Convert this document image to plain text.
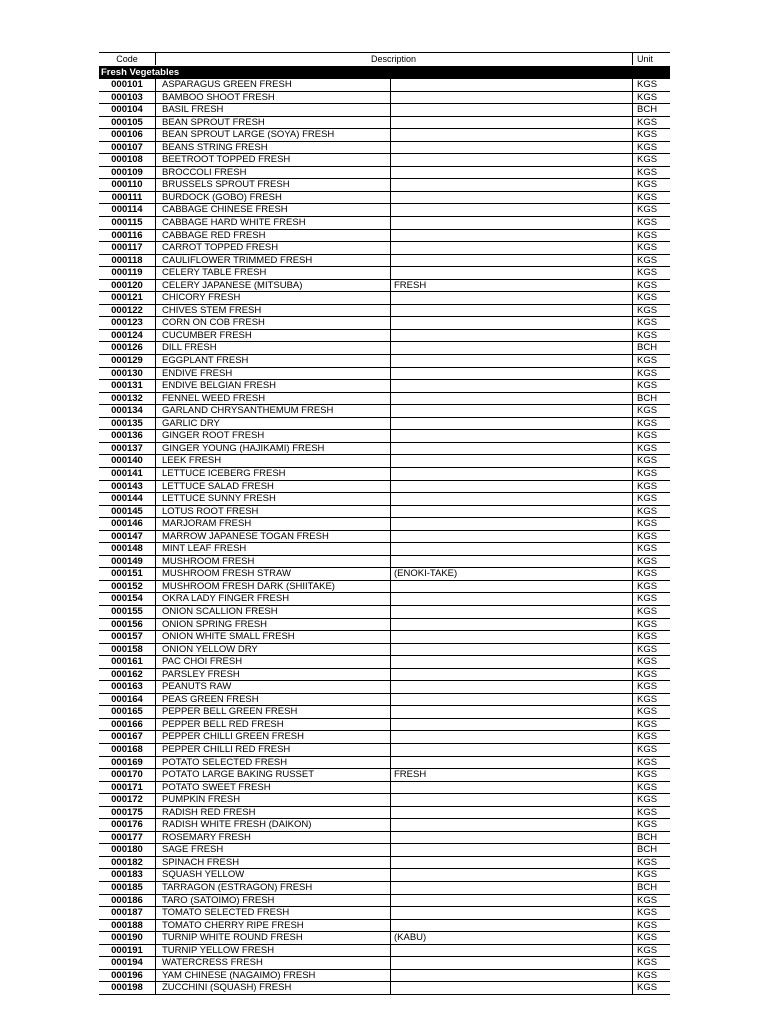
Code	Description	Unit
Fresh Vegetables
000101	ASPARAGUS GREEN FRESH	KGS
000103	BAMBOO SHOOT FRESH	KGS
000104	BASIL FRESH	BCH
000105	BEAN SPROUT FRESH	KGS
000106	BEAN SPROUT LARGE (SOYA) FRESH	KGS
000107	BEANS STRING FRESH	KGS
000108	BEETROOT TOPPED FRESH	KGS
000109	BROCCOLI FRESH	KGS
000110	BRUSSELS SPROUT FRESH	KGS
000111	BURDOCK (GOBO) FRESH	KGS
000114	CABBAGE CHINESE FRESH	KGS
000115	CABBAGE HARD WHITE FRESH	KGS
000116	CABBAGE RED FRESH	KGS
000117	CARROT TOPPED FRESH	KGS
000118	CAULIFLOWER TRIMMED FRESH	KGS
000119	CELERY TABLE FRESH	KGS
000120	CELERY JAPANESE (MITSUBA)	FRESH	KGS
000121	CHICORY FRESH	KGS
000122	CHIVES STEM FRESH	KGS
000123	CORN ON COB FRESH	KGS
000124	CUCUMBER FRESH	KGS
000126	DILL FRESH	BCH
000129	EGGPLANT FRESH	KGS
000130	ENDIVE FRESH	KGS
000131	ENDIVE BELGIAN FRESH	KGS
000132	FENNEL WEED FRESH	BCH
000134	GARLAND CHRYSANTHEMUM FRESH	KGS
000135	GARLIC DRY	KGS
000136	GINGER ROOT FRESH	KGS
000137	GINGER YOUNG (HAJIKAMI) FRESH	KGS
000140	LEEK FRESH	KGS
000141	LETTUCE ICEBERG FRESH	KGS
000143	LETTUCE SALAD FRESH	KGS
000144	LETTUCE SUNNY FRESH	KGS
000145	LOTUS ROOT FRESH	KGS
000146	MARJORAM FRESH	KGS
000147	MARROW JAPANESE TOGAN FRESH	KGS
000148	MINT LEAF FRESH	KGS
000149	MUSHROOM FRESH	KGS
000151	MUSHROOM FRESH STRAW	(ENOKI-TAKE)	KGS
000152	MUSHROOM FRESH DARK (SHIITAKE)	KGS
000154	OKRA LADY FINGER FRESH	KGS
000155	ONION SCALLION FRESH	KGS
000156	ONION SPRING FRESH	KGS
000157	ONION WHITE SMALL FRESH	KGS
000158	ONION YELLOW DRY	KGS
000161	PAC CHOI FRESH	KGS
000162	PARSLEY FRESH	KGS
000163	PEANUTS RAW	KGS
000164	PEAS GREEN FRESH	KGS
000165	PEPPER BELL GREEN FRESH	KGS
000166	PEPPER BELL RED FRESH	KGS
000167	PEPPER CHILLI GREEN FRESH	KGS
000168	PEPPER CHILLI RED FRESH	KGS
000169	POTATO SELECTED FRESH	KGS
000170	POTATO LARGE BAKING RUSSET	FRESH	KGS
000171	POTATO SWEET FRESH	KGS
000172	PUMPKIN FRESH	KGS
000175	RADISH RED FRESH	KGS
000176	RADISH WHITE FRESH (DAIKON)	KGS
000177	ROSEMARY FRESH	BCH
000180	SAGE FRESH	BCH
000182	SPINACH FRESH	KGS
000183	SQUASH YELLOW	KGS
000185	TARRAGON (ESTRAGON) FRESH	BCH
000186	TARO (SATOIMO) FRESH	KGS
000187	TOMATO SELECTED FRESH	KGS
000188	TOMATO CHERRY RIPE FRESH	KGS
000190	TURNIP WHITE ROUND FRESH	(KABU)	KGS
000191	TURNIP YELLOW FRESH	KGS
000194	WATERCRESS FRESH	KGS
000196	YAM CHINESE (NAGAIMO) FRESH	KGS
000198	ZUCCHINI (SQUASH) FRESH	KGS
